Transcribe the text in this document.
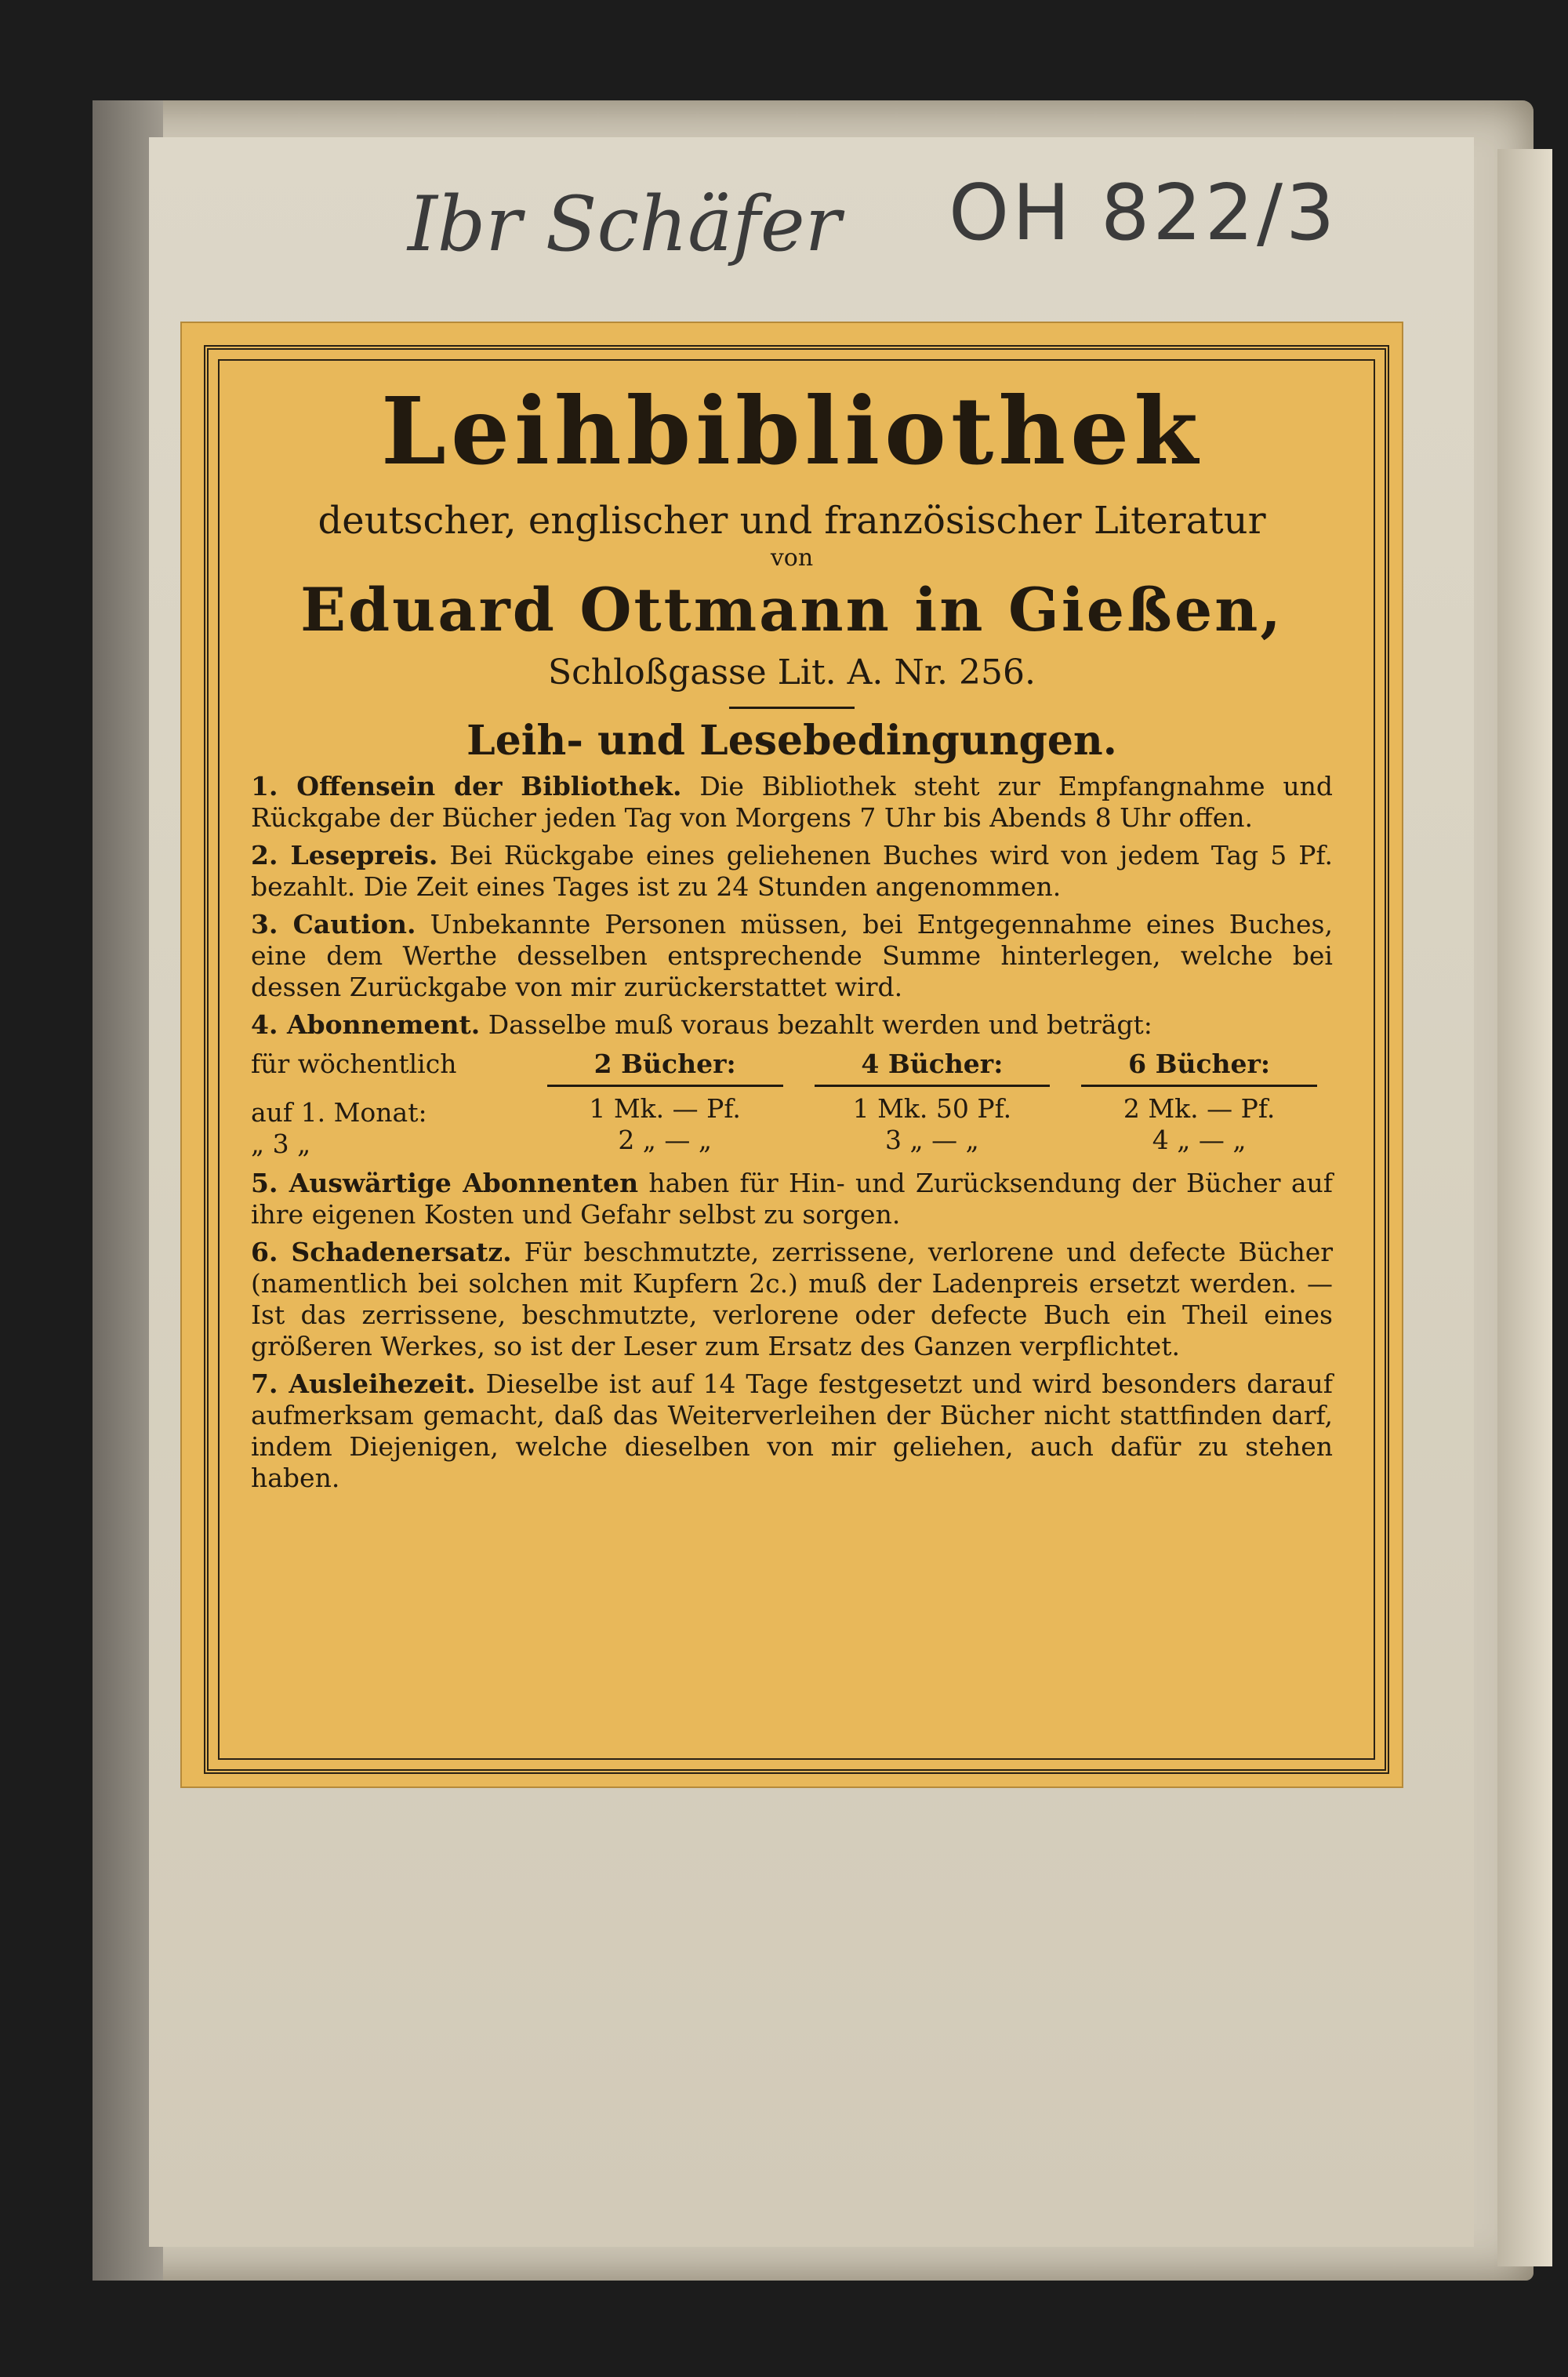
Ibr Schäfer OH 822/3
Leihbibliothek
deutscher, englischer und französischer Literatur
von
Eduard Ottmann in Gießen,
Schloßgasse Lit. A. Nr. 256.
Leih- und Lesebedingungen.

1. Offensein der Bibliothek. Die Bibliothek steht zur Empfangnahme und Rückgabe der Bücher jeden Tag von Morgens 7 Uhr bis Abends 8 Uhr offen.

2. Lesepreis. Bei Rückgabe eines geliehenen Buches wird von jedem Tag 5 Pf. bezahlt. Die Zeit eines Tages ist zu 24 Stunden angenommen.

3. Caution. Unbekannte Personen müssen, bei Entgegennahme eines Buches, eine dem Werthe desselben entsprechende Summe hinterlegen, welche bei dessen Zurückgabe von mir zurückerstattet wird.

4. Abonnement. Dasselbe muß voraus bezahlt werden und beträgt:

für wöchentlich
auf 1. Monat:
„ 3 „
2 Bücher:
1 Mk. — Pf.
2 „ — „
4 Bücher:
1 Mk. 50 Pf.
3 „ — „
6 Bücher:
2 Mk. — Pf.
4 „ — „

5. Auswärtige Abonnenten haben für Hin- und Zurücksendung der Bücher auf ihre eigenen Kosten und Gefahr selbst zu sorgen.

6. Schadenersatz. Für beschmutzte, zerrissene, verlorene und defecte Bücher (namentlich bei solchen mit Kupfern 2c.) muß der Ladenpreis ersetzt werden. — Ist das zerrissene, beschmutzte, verlorene oder defecte Buch ein Theil eines größeren Werkes, so ist der Leser zum Ersatz des Ganzen verpflichtet.

7. Ausleihezeit. Dieselbe ist auf 14 Tage festgesetzt und wird besonders darauf aufmerksam gemacht, daß das Weiterverleihen der Bücher nicht stattfinden darf, indem Diejenigen, welche dieselben von mir geliehen, auch dafür zu stehen haben.
